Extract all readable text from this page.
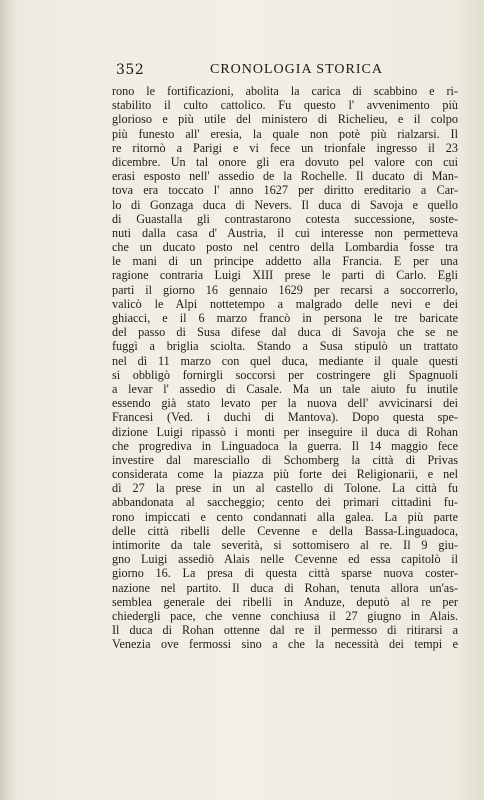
352	CRONOLOGIA STORICA
rono le fortificazioni, abolita la carica di scabbino e ri-
stabilito il culto cattolico. Fu questo l' avvenimento più
glorioso e più utile del ministero di Richelieu, e il colpo
più funesto all' eresia, la quale non potè più rialzarsi. Il
re ritornò a Parigi e vi fece un trionfale ingresso il 23
dicembre. Un tal onore gli era dovuto pel valore con cui
erasi esposto nell' assedio de la Rochelle. Il ducato di Man-
tova era toccato l' anno 1627 per diritto ereditario a Car-
lo di Gonzaga duca di Nevers. Il duca di Savoja e quello
di Guastalla gli contrastarono cotesta successione, soste-
nuti dalla casa d' Austria, il cui interesse non permetteva
che un ducato posto nel centro della Lombardia fosse tra
le mani di un principe addetto alla Francia. E per una
ragione contraria Luigi XIII prese le parti di Carlo. Egli
partì il giorno 16 gennaio 1629 per recarsi a soccorrerlo,
valicò le Alpi nottetempo a malgrado delle nevi e dei
ghiacci, e il 6 marzo francò in persona le tre baricate
del passo di Susa difese dal duca di Savoja che se ne
fuggì a briglia sciolta. Stando a Susa stipulò un trattato
nel dì 11 marzo con quel duca, mediante il quale questi
si obbligò fornirgli soccorsi per costringere gli Spagnuoli
a levar l' assedio di Casale. Ma un tale aiuto fu inutile
essendo già stato levato per la nuova dell' avvicinarsi dei
Francesi (Ved. i duchi di Mantova). Dopo questa spe-
dizione Luigi ripassò i monti per inseguire il duca di Rohan
che progrediva in Linguadoca la guerra. Il 14 maggio fece
investire dal maresciallo di Schomberg la città di Privas
considerata come la piazza più forte dei Religionarii, e nel
dì 27 la prese in un al castello di Tolone. La città fu
abbandonata al saccheggio; cento dei primari cittadini fu-
rono impiccati e cento condannati alla galea. La più parte
delle città ribelli delle Cevenne e della Bassa-Linguadoca,
intimorite da tale severità, si sottomisero al re. Il 9 giu-
gno Luigi assediò Alais nelle Cevenne ed essa capitolò il
giorno 16. La presa di questa città sparse nuova coster-
nazione nel partito. Il duca di Rohan, tenuta allora un'as-
semblea generale dei ribelli in Anduze, deputò al re per
chiedergli pace, che venne conchiusa il 27 giugno in Alais.
Il duca di Rohan ottenne dal re il permesso di ritirarsi a
Venezia ove fermossi sino a che la necessità dei tempi e
